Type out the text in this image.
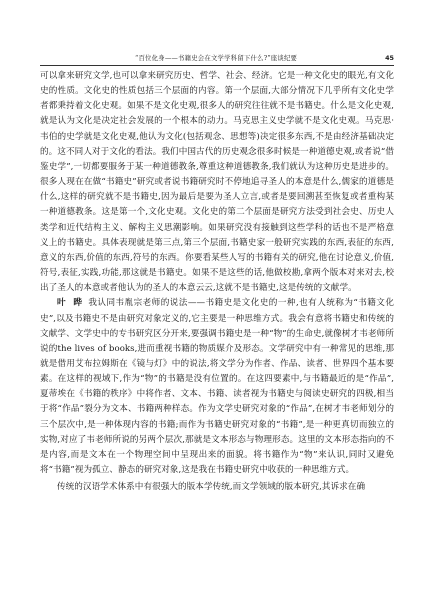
“百位化身——书籍史会在文学学科留下什么?”座谈纪要	45

可以拿来研究文学,也可以拿来研究历史、哲学、社会、经济。它是一种文化史的眼光,有文化史的性质。文化史的性质包括三个层面的内容。第一个层面,大部分情况下几乎所有文化史学者都秉持着文化史观。如果不是文化史观,很多人的研究往往就不是书籍史。什么是文化史观,就是认为文化是决定社会发展的一个根本的动力。马克思主义史学就不是文化史观。马克思·韦伯的史学就是文化史观,他认为文化(包括观念、思想等)决定很多东西,不是由经济基础决定的。这不同人对于文化的看法。我们中国古代的历史观念很多时候是一种道德史观,或者说“借鉴史学”,一切都要服务于某一种道德教条,尊重这种道德教条,我们就认为这种历史是进步的。很多人现在在做“书籍史”研究或者说书籍研究时不停地追寻圣人的本意是什么,儒家的道德是什么,这样的研究就不是书籍史,因为最后是要为圣人立言,或者是要回溯甚至恢复或者重构某一种道德教条。这是第一个,文化史观。文化史的第二个层面是研究方法受到社会史、历史人类学和近代结构主义、解构主义思潮影响。如果研究没有接触到这些学科的话也不是严格意义上的书籍史。具体表现就是第三点,第三个层面,书籍史家一般研究实践的东西,表征的东西,意义的东西,价值的东西,符号的东西。你要看某些人写的书籍有关的研究,他在讨论意义,价值,符号,表征,实践,功能,那这就是书籍史。如果不是这些的话,他做校勘,拿两个版本对来对去,校出了圣人的本意或者他认为的圣人的本意云云,这就不是书籍史,这是传统的文献学。

叶 晔 我认同韦胤宗老师的说法——书籍史是文化史的一种,也有人统称为“书籍文化史”,以及书籍史不是由研究对象定义的,它主要是一种思维方式。我会有意将书籍史和传统的文献学、文学史中的专书研究区分开来,要强调书籍史是一种“物”的生命史,就像树才韦老师所说的the lives of books,进而重视书籍的物质媒介及形态。文学研究中有一种常见的思维,那就是借用艾布拉姆斯在《镜与灯》中的说法,将文学分为作者、作品、读者、世界四个基本要素。在这样的视域下,作为“物”的书籍是没有位置的。在这四要素中,与书籍最近的是“作品”,夏蒂埃在《书籍的秩序》中将作者、文本、书籍、读者视为书籍史与阅读史研究的四极,相当于将“作品”裂分为文本、书籍两种样态。作为文学史研究对象的“作品”,在树才韦老师划分的三个层次中,是一种体现内容的书籍;而作为书籍史研究对象的“书籍”,是一种更真切而独立的实物,对应了韦老师所说的另两个层次,那就是文本形态与物理形态。这里的文本形态指向的不是内容,而是文本在一个物理空间中呈现出来的面貌。将书籍作为“物”来认识,同时又避免将“书籍”视为孤立、静态的研究对象,这是我在书籍史研究中收获的一种思维方式。

传统的汉语学术体系中有很强大的版本学传统,而文学领域的版本研究,其诉求在确
